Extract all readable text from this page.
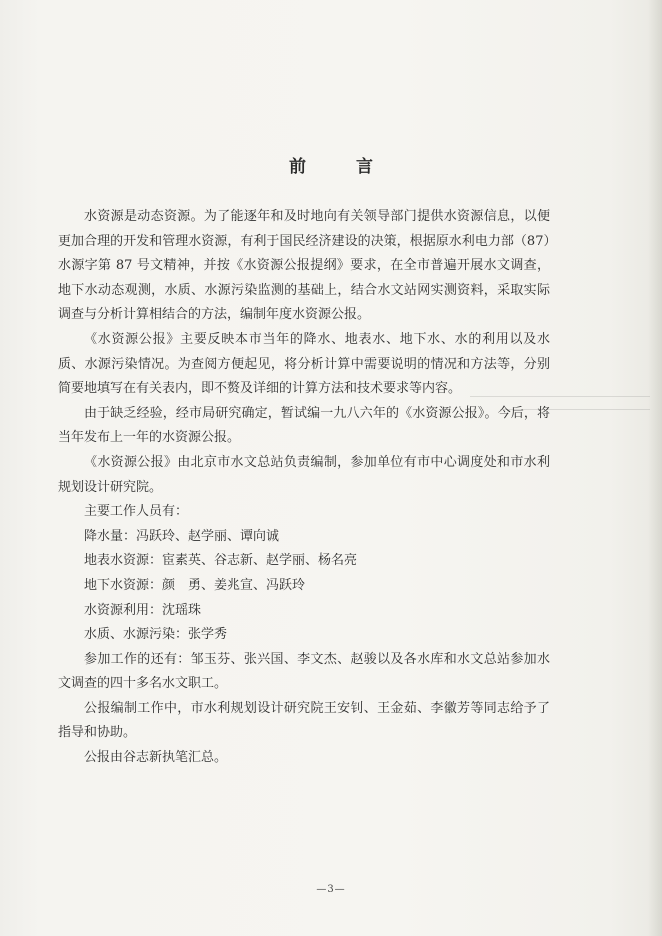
前 言

水资源是动态资源。为了能逐年和及时地向有关领导部门提供水资源信息，以便更加合理的开发和管理水资源，有利于国民经济建设的决策，根据原水利电力部（87）水源字第 87 号文精神，并按《水资源公报提纲》要求，在全市普遍开展水文调查，地下水动态观测，水质、水源污染监测的基础上，结合水文站网实测资料，采取实际调查与分析计算相结合的方法，编制年度水资源公报。

《水资源公报》主要反映本市当年的降水、地表水、地下水、水的利用以及水质、水源污染情况。为查阅方便起见，将分析计算中需要说明的情况和方法等，分别简要地填写在有关表内，即不赘及详细的计算方法和技术要求等内容。

由于缺乏经验，经市局研究确定，暂试编一九八六年的《水资源公报》。今后，将当年发布上一年的水资源公报。

《水资源公报》由北京市水文总站负责编制，参加单位有市中心调度处和市水利规划设计研究院。

主要工作人员有：

降水量：冯跃玲、赵学丽、谭向诚

地表水资源：宦素英、谷志新、赵学丽、杨名亮

地下水资源：颜　勇、姜兆宣、冯跃玲

水资源利用：沈瑶珠

水质、水源污染：张学秀

参加工作的还有：邹玉芬、张兴国、李文杰、赵骏以及各水库和水文总站参加水文调查的四十多名水文职工。

公报编制工作中，市水利规划设计研究院王安钊、王金茹、李徽芳等同志给予了指导和协助。

公报由谷志新执笔汇总。

—3—
